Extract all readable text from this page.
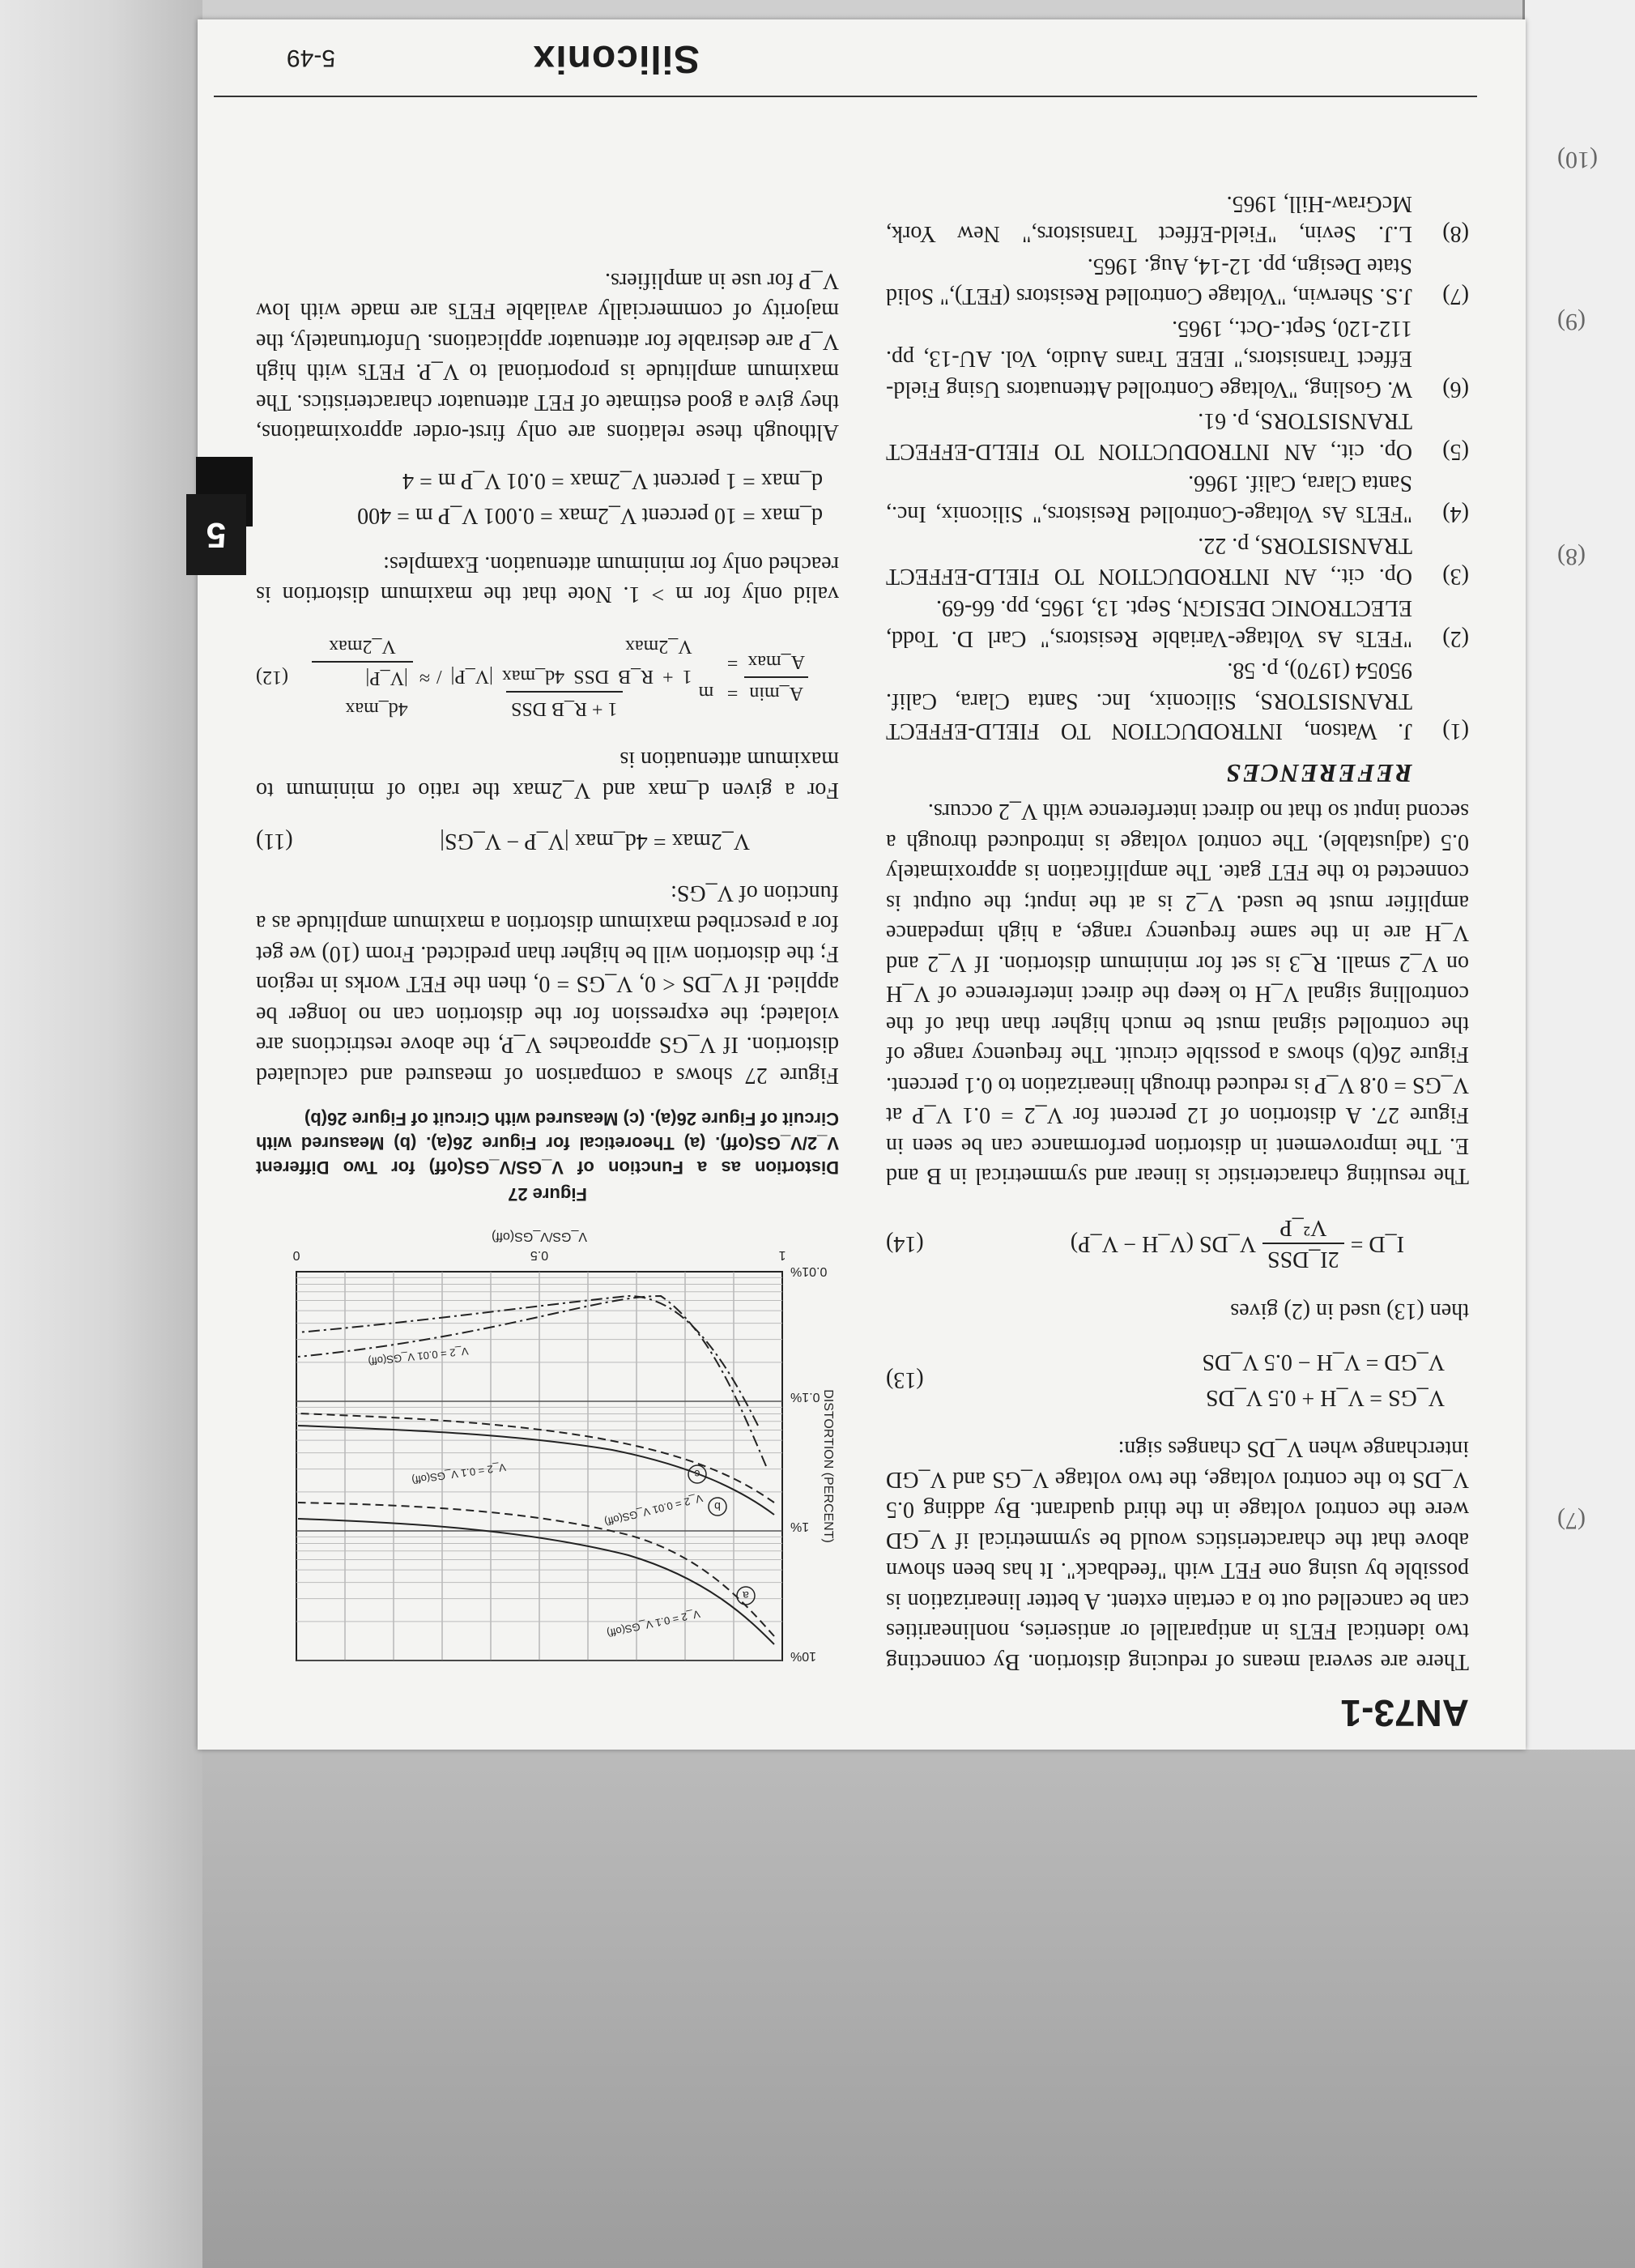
(10)
(9)
(8)
(7)
AN73-1

There are several means of reducing distortion. By connecting two identical FETs in antiparallel or antiseries, nonlinearities can be cancelled out to a certain extent. A better linearization is possible by using one FET with "feedback". It has been shown above that the characteristics would be symmetrical if V_GD were the control voltage in the third quadrant. By adding 0.5 V_DS to the control voltage, the two voltage V_GS and V_GD interchange when V_DS changes sign:

V_GS = V_H + 0.5 V_DS
V_GD = V_H − 0.5 V_DS
(13)

then (13) used in (2) gives

I_D =
2I_DSS
V²_P
V_DS (V_H − V_P)
(14)

The resulting characteristic is linear and symmetrical in B and E. The improvement in distortion performance can be seen in Figure 27. A distortion of 12 percent for V_2 = 0.1 V_P at V_GS = 0.8 V_P is reduced through linearization to 0.1 percent. Figure 26(b) shows a possible circuit. The frequency range of the controlled signal must be much higher than that of the controlling signal V_H to keep the direct interference of V_H on V_2 small. R_3 is set for minimum distortion. If V_2 and V_H are in the same frequency range, a high impedance amplifier must be used. V_2 is at the input; the output is connected to the FET gate. The amplification is approximately 0.5 (adjustable). The control voltage is introduced through a second input so that no direct interference with V_2 occurs.

REFERENCES
(1)
J. Watson, INTRODUCTION TO FIELD-EFFECT TRANSISTORS, Siliconix, Inc. Santa Clara, Calif. 95054 (1970), p. 58.
(2)
"FETs As Voltage-Variable Resistors," Carl D. Todd, ELECTRONIC DESIGN, Sept. 13, 1965, pp. 66-69.
(3)
Op. cit., AN INTRODUCTION TO FIELD-EFFECT TRANSISTORS, p. 22.
(4)
"FETs As Voltage-Controlled Resistors," Siliconix, Inc., Santa Clara, Calif. 1966.
(5)
Op. cit., AN INTRODUCTION TO FIELD-EFFECT TRANSISTORS, p. 61.
(6)
W. Gosling, "Voltage Controlled Attenuators Using Field-Effect Transistors," IEEE Trans Audio, Vol. AU-13, pp. 112-120, Sept.-Oct., 1965.
(7)
J.S. Sherwin, "Voltage Controlled Resistors (FET)," Solid State Design, pp. 12-14, Aug. 1965.
(8)
L.J. Sevin, "Field-Effect Transistors," New York, McGraw-Hill, 1965.
10%
1%
0.1%
0.01%
1
0.5
0
V_GS/V_GS(off)
DISTORTION (PERCENT)
V_2 = 0.1 V_GS(off)
V_2 = 0.01 V_GS(off)
V_2 = 0.1 V_GS(off)
V_2 = 0.01 V_GS(off)
a
b
c
Figure 27
Distortion as a Function of V_GS/V_GS(off) for Two Different V_2/V_GS(off). (a) Theoretical for Figure 26(a). (b) Measured with Circuit of Figure 26(a). (c) Measured with Circuit of Figure 26(b)

Figure 27 shows a comparison of measured and calculated distortion. If V_GS approaches V_P, the above restrictions are violated; the expression for the distortion can no longer be applied. If V_DS < 0, V_GS = 0, then the FET works in region F; the distortion will be higher than predicted. From (10) we get for a prescribed maximum distortion a maximum amplitude as a function of V_GS:

V_2max = 4d_max |V_P − V_GS|
(11)

For a given d_max and V_2max the ratio of minimum to maximum attenuation is

A_min
A_max
= m =
1 + R_B DSS
1 + R_B DSS 4d_max |V_P| / V_2max
≈
4d_max |V_P|
V_2max
(12)

valid only for m > 1. Note that the maximum distortion is reached only for minimum attenuation. Examples:

d_max = 10 percent V_2max = 0.001 V_P m = 400

d_max = 1 percent V_2max = 0.01 V_P m = 4

Although these relations are only first-order approximations, they give a good estimate of FET attenuator characteristics. The maximum amplitude is proportional to V_P. FETs with high V_P are desirable for attenuator applications. Unfortunately, the majority of commercially available FETs are made with low V_P for use in amplifiers.

5
Siliconix
5-49
